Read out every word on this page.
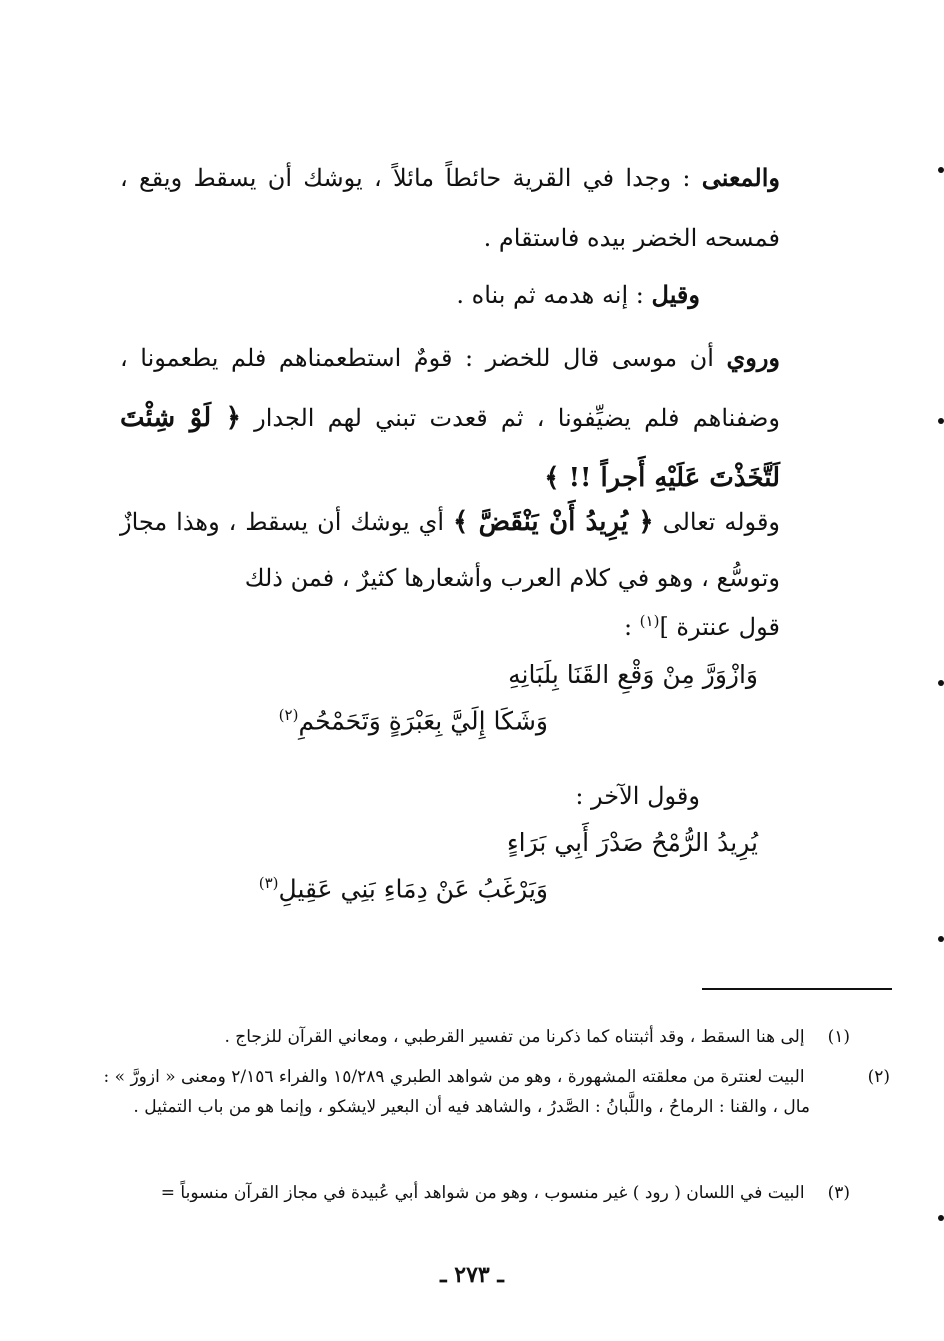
والمعنى : وجدا في القرية حائطاً مائلاً ، يوشك أن يسقط ويقع ، فمسحه الخضر بيده فاستقام .
وقيل : إنه هدمه ثم بناه .
وروي أن موسى قال للخضر : قومٌ استطعمناهم فلم يطعمونا ، وضفناهم فلم يضيِّفونا ، ثم قعدت تبني لهم الجدار ﴿ لَوْ شِئْتَ لَتَّخَذْتَ عَلَيْهِ أَجراً !! ﴾
وقوله تعالى ﴿ يُرِيدُ أَنْ يَنْقَضَّ ﴾ أي يوشك أن يسقط ، وهذا مجازٌ وتوسُّع ، وهو في كلام العرب وأشعارها كثيرٌ ، فمن ذلك
قول عنترة ]$^{(١)}$ :
وَازْوَرَّ مِنْ وَقْعِ القَنَا بِلَبَانِهِ
وَشَكَا إِلَيَّ بِعَبْرَةٍ وَتَحَمْحُمِ$^{(٢)}$
وقول الآخر :
يُرِيدُ الرُّمْحُ صَدْرَ أَبِي بَرَاءٍ
وَيَرْغَبُ عَنْ دِمَاءِ بَنِي عَقِيلِ$^{(٣)}$
(١) إلى هنا السقط ، وقد أثبتناه كما ذكرنا من تفسير القرطبي ، ومعاني القرآن للزجاج .
(٢) البيت لعنترة من معلقته المشهورة ، وهو من شواهد الطبري ١٥/٢٨٩ والفراء ٢/١٥٦ ومعنى « ازورَّ » : مال ، والقنا : الرماحُ ، واللَّبانُ : الصَّدرُ ، والشاهد فيه أن البعير لايشكو ، وإنما هو من باب التمثيل .
(٣) البيت في اللسان ( رود ) غير منسوب ، وهو من شواهد أبي عُبيدة في مجاز القرآن منسوباً =
ـ ٢٧٣ ـ
